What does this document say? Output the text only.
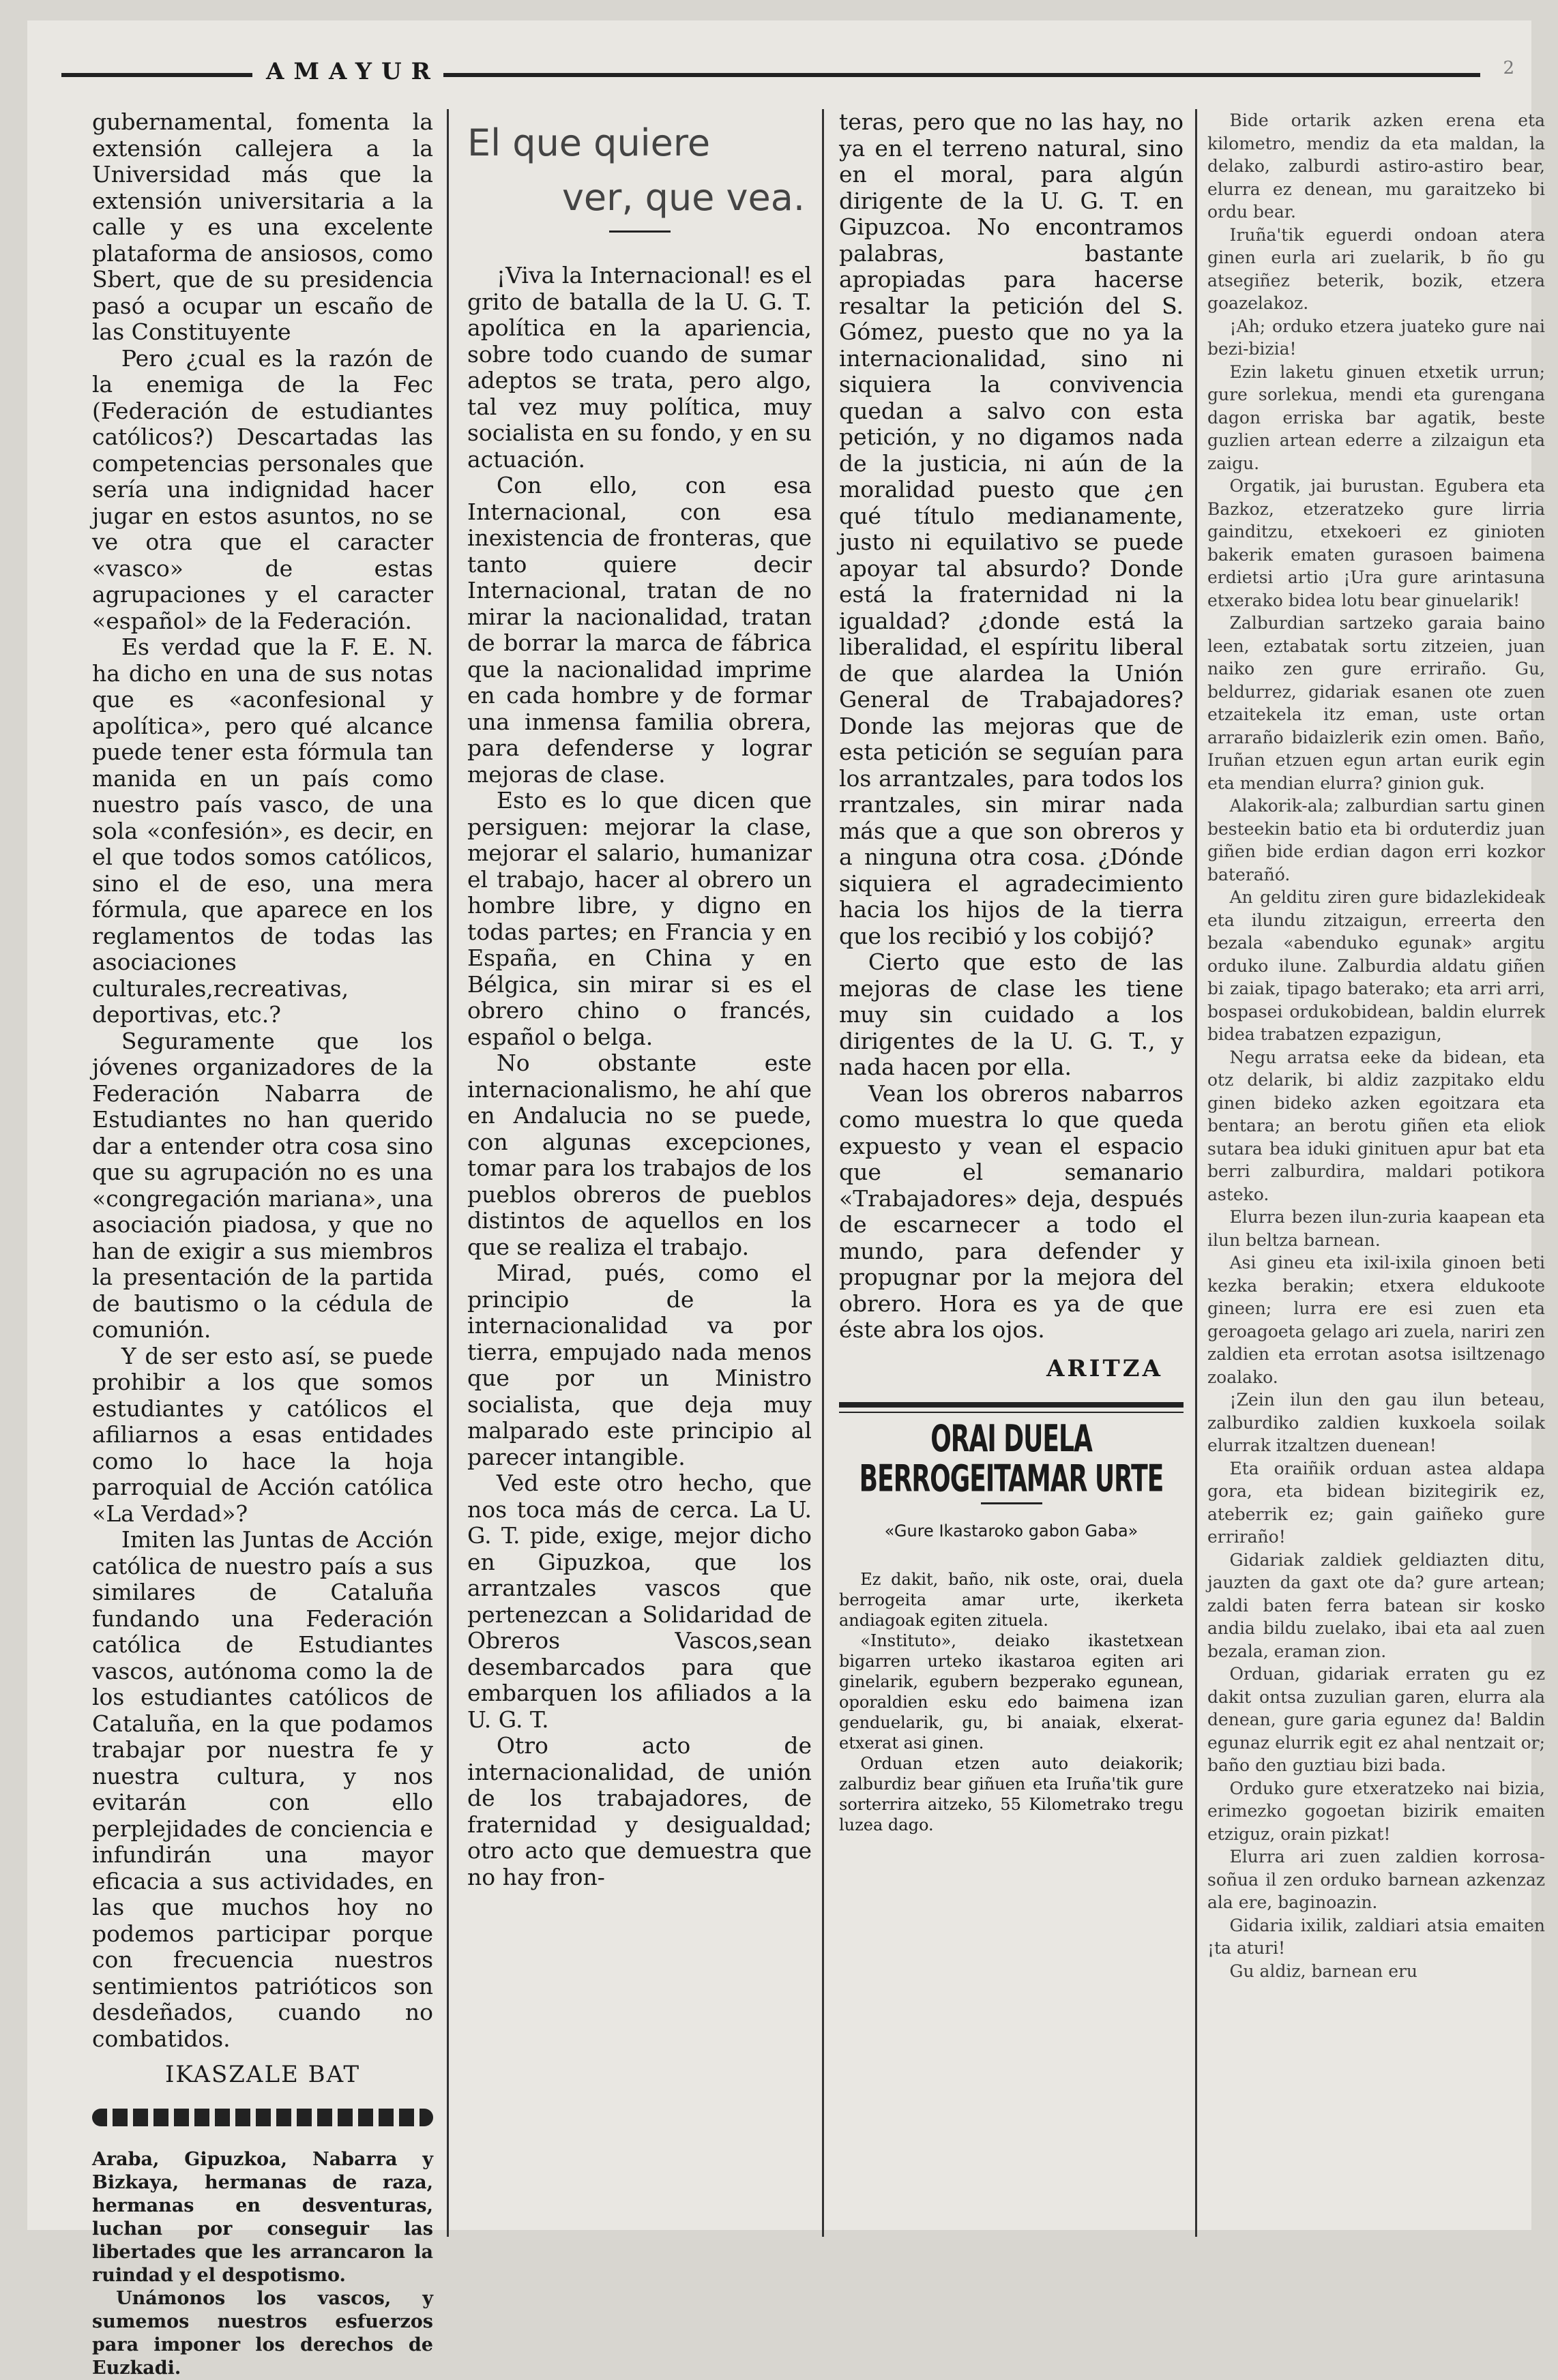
AMAYUR	2

gubernamental, fomenta la extensión callejera a la Universidad más que la extensión universitaria a la calle y es una excelente plataforma de ansiosos, como Sbert, que de su presidencia pasó a ocupar un escaño de las Constituyente

Pero ¿cual es la razón de la enemiga de la Fec (Federación de estudiantes católicos?) Descartadas las competencias personales que sería una indignidad hacer jugar en estos asuntos, no se ve otra que el caracter «vasco» de estas agrupaciones y el caracter «español» de la Federación.

Es verdad que la F. E. N. ha dicho en una de sus notas que es «aconfesional y apolítica», pero qué alcance puede tener esta fórmula tan manida en un país como nuestro país vasco, de una sola «confesión», es decir, en el que todos somos católicos, sino el de eso, una mera fórmula, que aparece en los reglamentos de todas las asociaciones culturales,recreativas, deportivas, etc.?

Seguramente que los jóvenes organizadores de la Federación Nabarra de Estudiantes no han querido dar a entender otra cosa sino que su agrupación no es una «congregación mariana», una asociación piadosa, y que no han de exigir a sus miembros la presentación de la partida de bautismo o la cédula de comunión.

Y de ser esto así, se puede prohibir a los que somos estudiantes y católicos el afiliarnos a esas entidades como lo hace la hoja parroquial de Acción católica «La Verdad»?

Imiten las Juntas de Acción católica de nuestro país a sus similares de Cataluña fundando una Federación católica de Estudiantes vascos, autónoma como la de los estudiantes católicos de Cataluña, en la que podamos trabajar por nuestra fe y nuestra cultura, y nos evitarán con ello perplejidades de conciencia e infundirán una mayor eficacia a sus actividades, en las que muchos hoy no podemos participar porque con frecuencia nuestros sentimientos patrióticos son desdeñados, cuando no combatidos.

IKASZALE BAT

Araba, Gipuzkoa, Nabarra y Bizkaya, hermanas de raza, hermanas en desventuras, luchan por conseguir las libertades que les arrancaron la ruindad y el despotismo.

Unámonos los vascos, y sumemos nuestros esfuerzos para imponer los derechos de Euzkadi.

El que quiere
ver, que vea.

¡Viva la Internacional! es el grito de batalla de la U. G. T. apolítica en la apariencia, sobre todo cuando de sumar adeptos se trata, pero algo, tal vez muy política, muy socialista en su fondo, y en su actuación.

Con ello, con esa Internacional, con esa inexistencia de fronteras, que tanto quiere decir Internacional, tratan de no mirar la nacionalidad, tratan de borrar la marca de fábrica que la nacionalidad imprime en cada hombre y de formar una inmensa familia obrera, para defenderse y lograr mejoras de clase.

Esto es lo que dicen que persiguen: mejorar la clase, mejorar el salario, humanizar el trabajo, hacer al obrero un hombre libre, y digno en todas partes; en Francia y en España, en China y en Bélgica, sin mirar si es el obrero chino o francés, español o belga.

No obstante este internacionalismo, he ahí que en Andalucia no se puede, con algunas excepciones, tomar para los trabajos de los pueblos obreros de pueblos distintos de aquellos en los que se realiza el trabajo.

Mirad, pués, como el principio de la internacionalidad va por tierra, empujado nada menos que por un Ministro socialista, que deja muy malparado este principio al parecer intangible.

Ved este otro hecho, que nos toca más de cerca. La U. G. T. pide, exige, mejor dicho en Gipuzkoa, que los arrantzales vascos que pertenezcan a Solidaridad de Obreros Vascos,sean desembarcados para que embarquen los afiliados a la U. G. T.

Otro acto de internacionalidad, de unión de los trabajadores, de fraternidad y desigualdad; otro acto que demuestra que no hay fron-

teras, pero que no las hay, no ya en el terreno natural, sino en el moral, para algún dirigente de la U. G. T. en Gipuzcoa. No encontramos palabras, bastante apropiadas para hacerse resaltar la petición del S. Gómez, puesto que no ya la internacionalidad, sino ni siquiera la convivencia quedan a salvo con esta petición, y no digamos nada de la justicia, ni aún de la moralidad puesto que ¿en qué título medianamente, justo ni equilativo se puede apoyar tal absurdo? Donde está la fraternidad ni la igualdad? ¿donde está la liberalidad, el espíritu liberal de que alardea la Unión General de Trabajadores? Donde las mejoras que de esta petición se seguían para los arrantzales, para todos los rrantzales, sin mirar nada más que a que son obreros y a ninguna otra cosa. ¿Dónde siquiera el agradecimiento hacia los hijos de la tierra que los recibió y los cobijó?

Cierto que esto de las mejoras de clase les tiene muy sin cuidado a los dirigentes de la U. G. T., y nada hacen por ella.

Vean los obreros nabarros como muestra lo que queda expuesto y vean el espacio que el semanario «Trabajadores» deja, después de escarnecer a todo el mundo, para defender y propugnar por la mejora del obrero. Hora es ya de que éste abra los ojos.

ARITZA
ORAI DUELA BERROGEITAMAR URTE
«Gure Ikastaroko gabon Gaba»

Ez dakit, baño, nik oste, orai, duela berrogeita amar urte, ikerketa andiagoak egiten zituela.

«Instituto», deiako ikastetxean bigarren urteko ikastaroa egiten ari ginelarik, egubern bezperako egunean, oporaldien esku edo baimena izan genduelarik, gu, bi anaiak, elxerat-etxerat asi ginen.

Orduan etzen auto deiakorik; zalburdiz bear giñuen eta Iruña'tik gure sorterrira aitzeko, 55 Kilometrako tregu luzea dago.

Bide ortarik azken erena eta kilometro, mendiz da eta maldan, la delako, zalburdi astiro-astiro bear, elurra ez denean, mu garaitzeko bi ordu bear.

Iruña'tik eguerdi ondoan atera ginen eurla ari zuelarik, b ño gu atsegiñez beterik, bozik, etzera goazelakoz.

¡Ah; orduko etzera juateko gure nai bezi-bizia!

Ezin laketu ginuen etxetik urrun; gure sorlekua, mendi eta gurengana dagon erriska bar agatik, beste guzlien artean ederre a zilzaigun eta zaigu.

Orgatik, jai burustan. Egubera eta Bazkoz, etzeratzeko gure lirria gainditzu, etxekoeri ez ginioten bakerik ematen gurasoen baimena erdietsi artio ¡Ura gure arintasuna etxerako bidea lotu bear ginuelarik!

Zalburdian sartzeko garaia baino leen, eztabatak sortu zitzeien, juan naiko zen gure erriraño. Gu, beldurrez, gidariak esanen ote zuen etzaitekela itz eman, uste ortan arraraño bidaizlerik ezin omen. Baño, Iruñan etzuen egun artan eurik egin eta mendian elurra? ginion guk.

Alakorik-ala; zalburdian sartu ginen besteekin batio eta bi orduterdiz juan giñen bide erdian dagon erri kozkor baterañó.

An gelditu ziren gure bidazlekideak eta ilundu zitzaigun, erreerta den bezala «abenduko egunak» argitu orduko ilune. Zalburdia aldatu giñen bi zaiak, tipago baterako; eta arri arri, bospasei ordukobidean, baldin elurrek bidea trabatzen ezpazigun,

Negu arratsa eeke da bidean, eta otz delarik, bi aldiz zazpitako eldu ginen bideko azken egoitzara eta bentara; an berotu giñen eta eliok sutara bea iduki ginituen apur bat eta berri zalburdira, maldari potikora asteko.

Elurra bezen ilun-zuria kaapean eta ilun beltza barnean.

Asi gineu eta ixil-ixila ginoen beti kezka berakin; etxera eldukoote gineen; lurra ere esi zuen eta geroagoeta gelago ari zuela, nariri zen zaldien eta errotan asotsa isiltzenago zoalako.

¡Zein ilun den gau ilun beteau, zalburdiko zaldien kuxkoela soilak elurrak itzaltzen duenean!

Eta oraiñik orduan astea aldapa gora, eta bidean bizitegirik ez, ateberrik ez; gain gaiñeko gure erriraño!

Gidariak zaldiek geldiazten ditu, jauzten da gaxt ote da? gure artean; zaldi baten ferra batean sir kosko andia bildu zuelako, ibai eta aal zuen bezala, eraman zion.

Orduan, gidariak erraten gu ez dakit ontsa zuzulian garen, elurra ala denean, gure garia egunez da! Baldin egunaz elurrik egit ez ahal nentzait or; baño den guztiau bizi bada.

Orduko gure etxeratzeko nai bizia, erimezko gogoetan bizirik emaiten etziguz, orain pizkat!

Elurra ari zuen zaldien korrosa-soñua il zen orduko barnean azkenzaz ala ere, baginoazin.

Gidaria ixilik, zaldiari atsia emaiten ¡ta aturi!

Gu aldiz, barnean eru
